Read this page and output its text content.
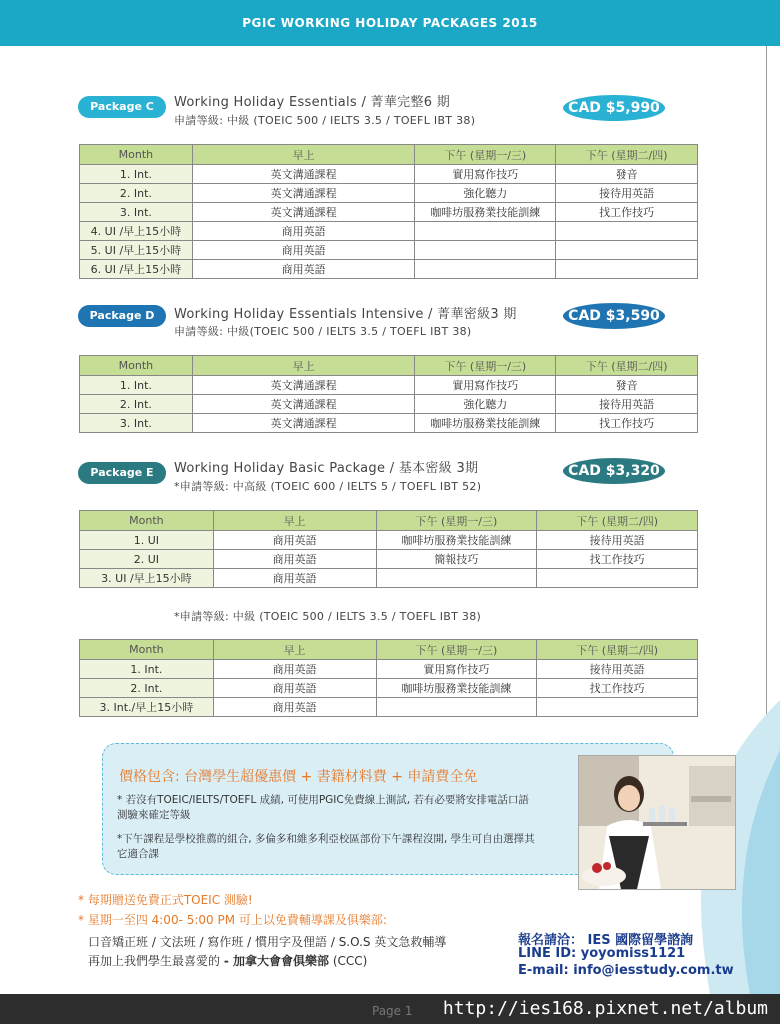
PGIC WORKING HOLIDAY PACKAGES 2015
Package C	Working Holiday Essentials / 菁華完整6 期
申請等級: 中級 (TOEIC 500 / IELTS 3.5 / TOEFL IBT 38)
CAD $5,990
Month	早上	下午 (星期一/三)	下午 (星期二/四)
1. Int.	英文溝通課程	實用寫作技巧	發音
2. Int.	英文溝通課程	強化聽力	接待用英語
3. Int.	英文溝通課程	咖啡坊服務業技能訓練	找工作技巧
4. UI /早上15小時	商用英語		
5. UI /早上15小時	商用英語		
6. UI /早上15小時	商用英語		
Package D	Working Holiday Essentials Intensive / 菁華密級3 期
申請等級: 中級(TOEIC 500 / IELTS 3.5 / TOEFL IBT 38)
CAD $3,590
Month	早上	下午 (星期一/三)	下午 (星期二/四)
1. Int.	英文溝通課程	實用寫作技巧	發音
2. Int.	英文溝通課程	強化聽力	接待用英語
3. Int.	英文溝通課程	咖啡坊服務業技能訓練	找工作技巧
Package E	Working Holiday Basic Package / 基本密級 3期
*申請等級: 中高級 (TOEIC 600 / IELTS 5 / TOEFL IBT 52)
CAD $3,320
Month	早上	下午 (星期一/三)	下午 (星期二/四)
1. UI	商用英語	咖啡坊服務業技能訓練	接待用英語
2. UI	商用英語	簡報技巧	找工作技巧
3. UI /早上15小時	商用英語		
*申請等級: 中級 (TOEIC 500 / IELTS 3.5 / TOEFL IBT 38)
Month	早上	下午 (星期一/三)	下午 (星期二/四)
1. Int.	商用英語	實用寫作技巧	接待用英語
2. Int.	商用英語	咖啡坊服務業技能訓練	找工作技巧
3. Int./早上15小時	商用英語		
價格包含: 台灣學生超優惠價 + 書籍材料費 + 申請費全免
* 若沒有TOEIC/IELTS/TOEFL 成績, 可使用PGIC免費線上測試, 若有必要將安排電話口語測驗來確定等級
*下午課程是學校推薦的組合, 多倫多和維多利亞校區部份下午課程沒開, 學生可自由選擇其它適合課
* 每期贈送免費正式TOEIC 測驗!
* 星期一至四 4:00- 5:00 PM 可上以免費輔導課及俱樂部:
口音矯正班 / 文法班 / 寫作班 / 慣用字及俚語 / S.O.S 英文急救輔導
再加上我們學生最喜愛的 - 加拿大會會俱樂部 (CCC)
報名請洽： IES 國際留學諮詢
LINE ID: yoyomiss1121
E-mail: info@iesstudy.com.tw
http://ies168.pixnet.net/album
Page 1
